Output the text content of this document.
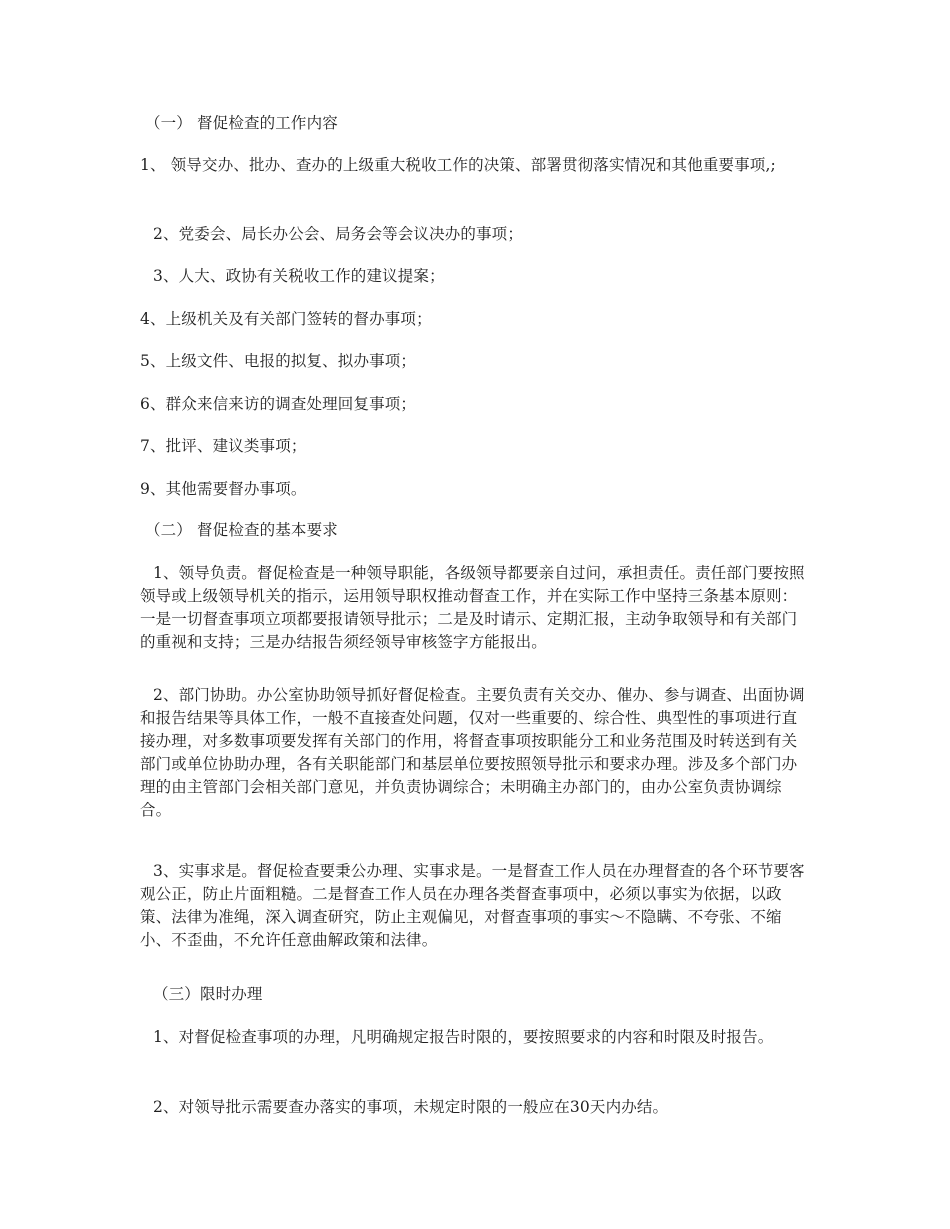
（一） 督促检查的工作内容
1、 领导交办、批办、查办的上级重大税收工作的决策、部署贯彻落实情况和其他重要事项,;
2、党委会、局长办公会、局务会等会议决办的事项；
3、人大、政协有关税收工作的建议提案；
4、上级机关及有关部门签转的督办事项；
5、上级文件、电报的拟复、拟办事项；
6、群众来信来访的调查处理回复事项；
7、批评、建议类事项；
9、其他需要督办事项。
（二） 督促检查的基本要求
1、领导负责。督促检查是一种领导职能，各级领导都要亲自过问，承担责任。责任部门要按照领导或上级领导机关的指示，运用领导职权推动督查工作，并在实际工作中坚持三条基本原则：一是一切督查事项立项都要报请领导批示；二是及时请示、定期汇报，主动争取领导和有关部门的重视和支持；三是办结报告须经领导审核签字方能报出。
2、部门协助。办公室协助领导抓好督促检查。主要负责有关交办、催办、参与调查、出面协调和报告结果等具体工作，一般不直接查处问题，仅对一些重要的、综合性、典型性的事项进行直接办理，对多数事项要发挥有关部门的作用，将督查事项按职能分工和业务范围及时转送到有关部门或单位协助办理，各有关职能部门和基层单位要按照领导批示和要求办理。涉及多个部门办理的由主管部门会相关部门意见，并负责协调综合；未明确主办部门的，由办公室负责协调综合。
3、实事求是。督促检查要秉公办理、实事求是。一是督查工作人员在办理督查的各个环节要客观公正，防止片面粗糙。二是督查工作人员在办理各类督查事项中，必须以事实为依据，以政策、法律为准绳，深入调查研究，防止主观偏见，对督查事项的事实～不隐瞒、不夸张、不缩小、不歪曲，不允许任意曲解政策和法律。
（三）限时办理
1、对督促检查事项的办理，凡明确规定报告时限的，要按照要求的内容和时限及时报告。
2、对领导批示需要查办落实的事项，未规定时限的一般应在30天内办结。
